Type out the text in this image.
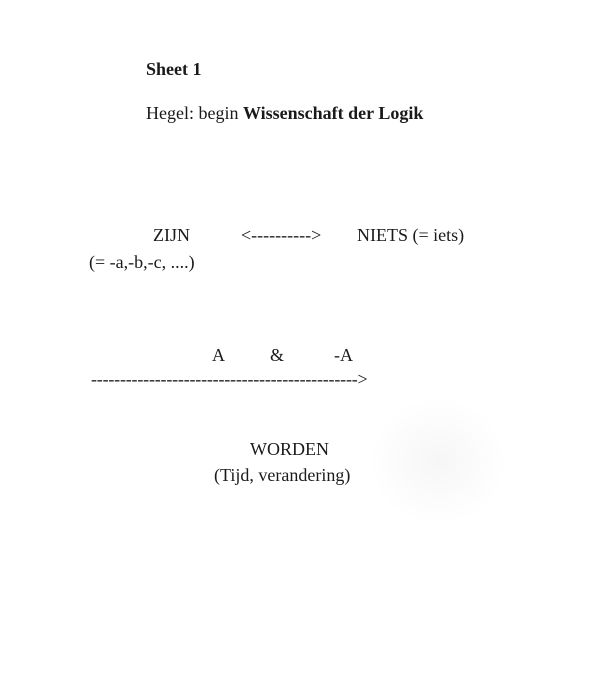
Sheet 1
Hegel: begin Wissenschaft der Logik
ZIJN	<----------> NIETS (= iets)
(= -a,-b,-c, ....)
A	&	-A
---------------------------------------------->
WORDEN
(Tijd, verandering)
